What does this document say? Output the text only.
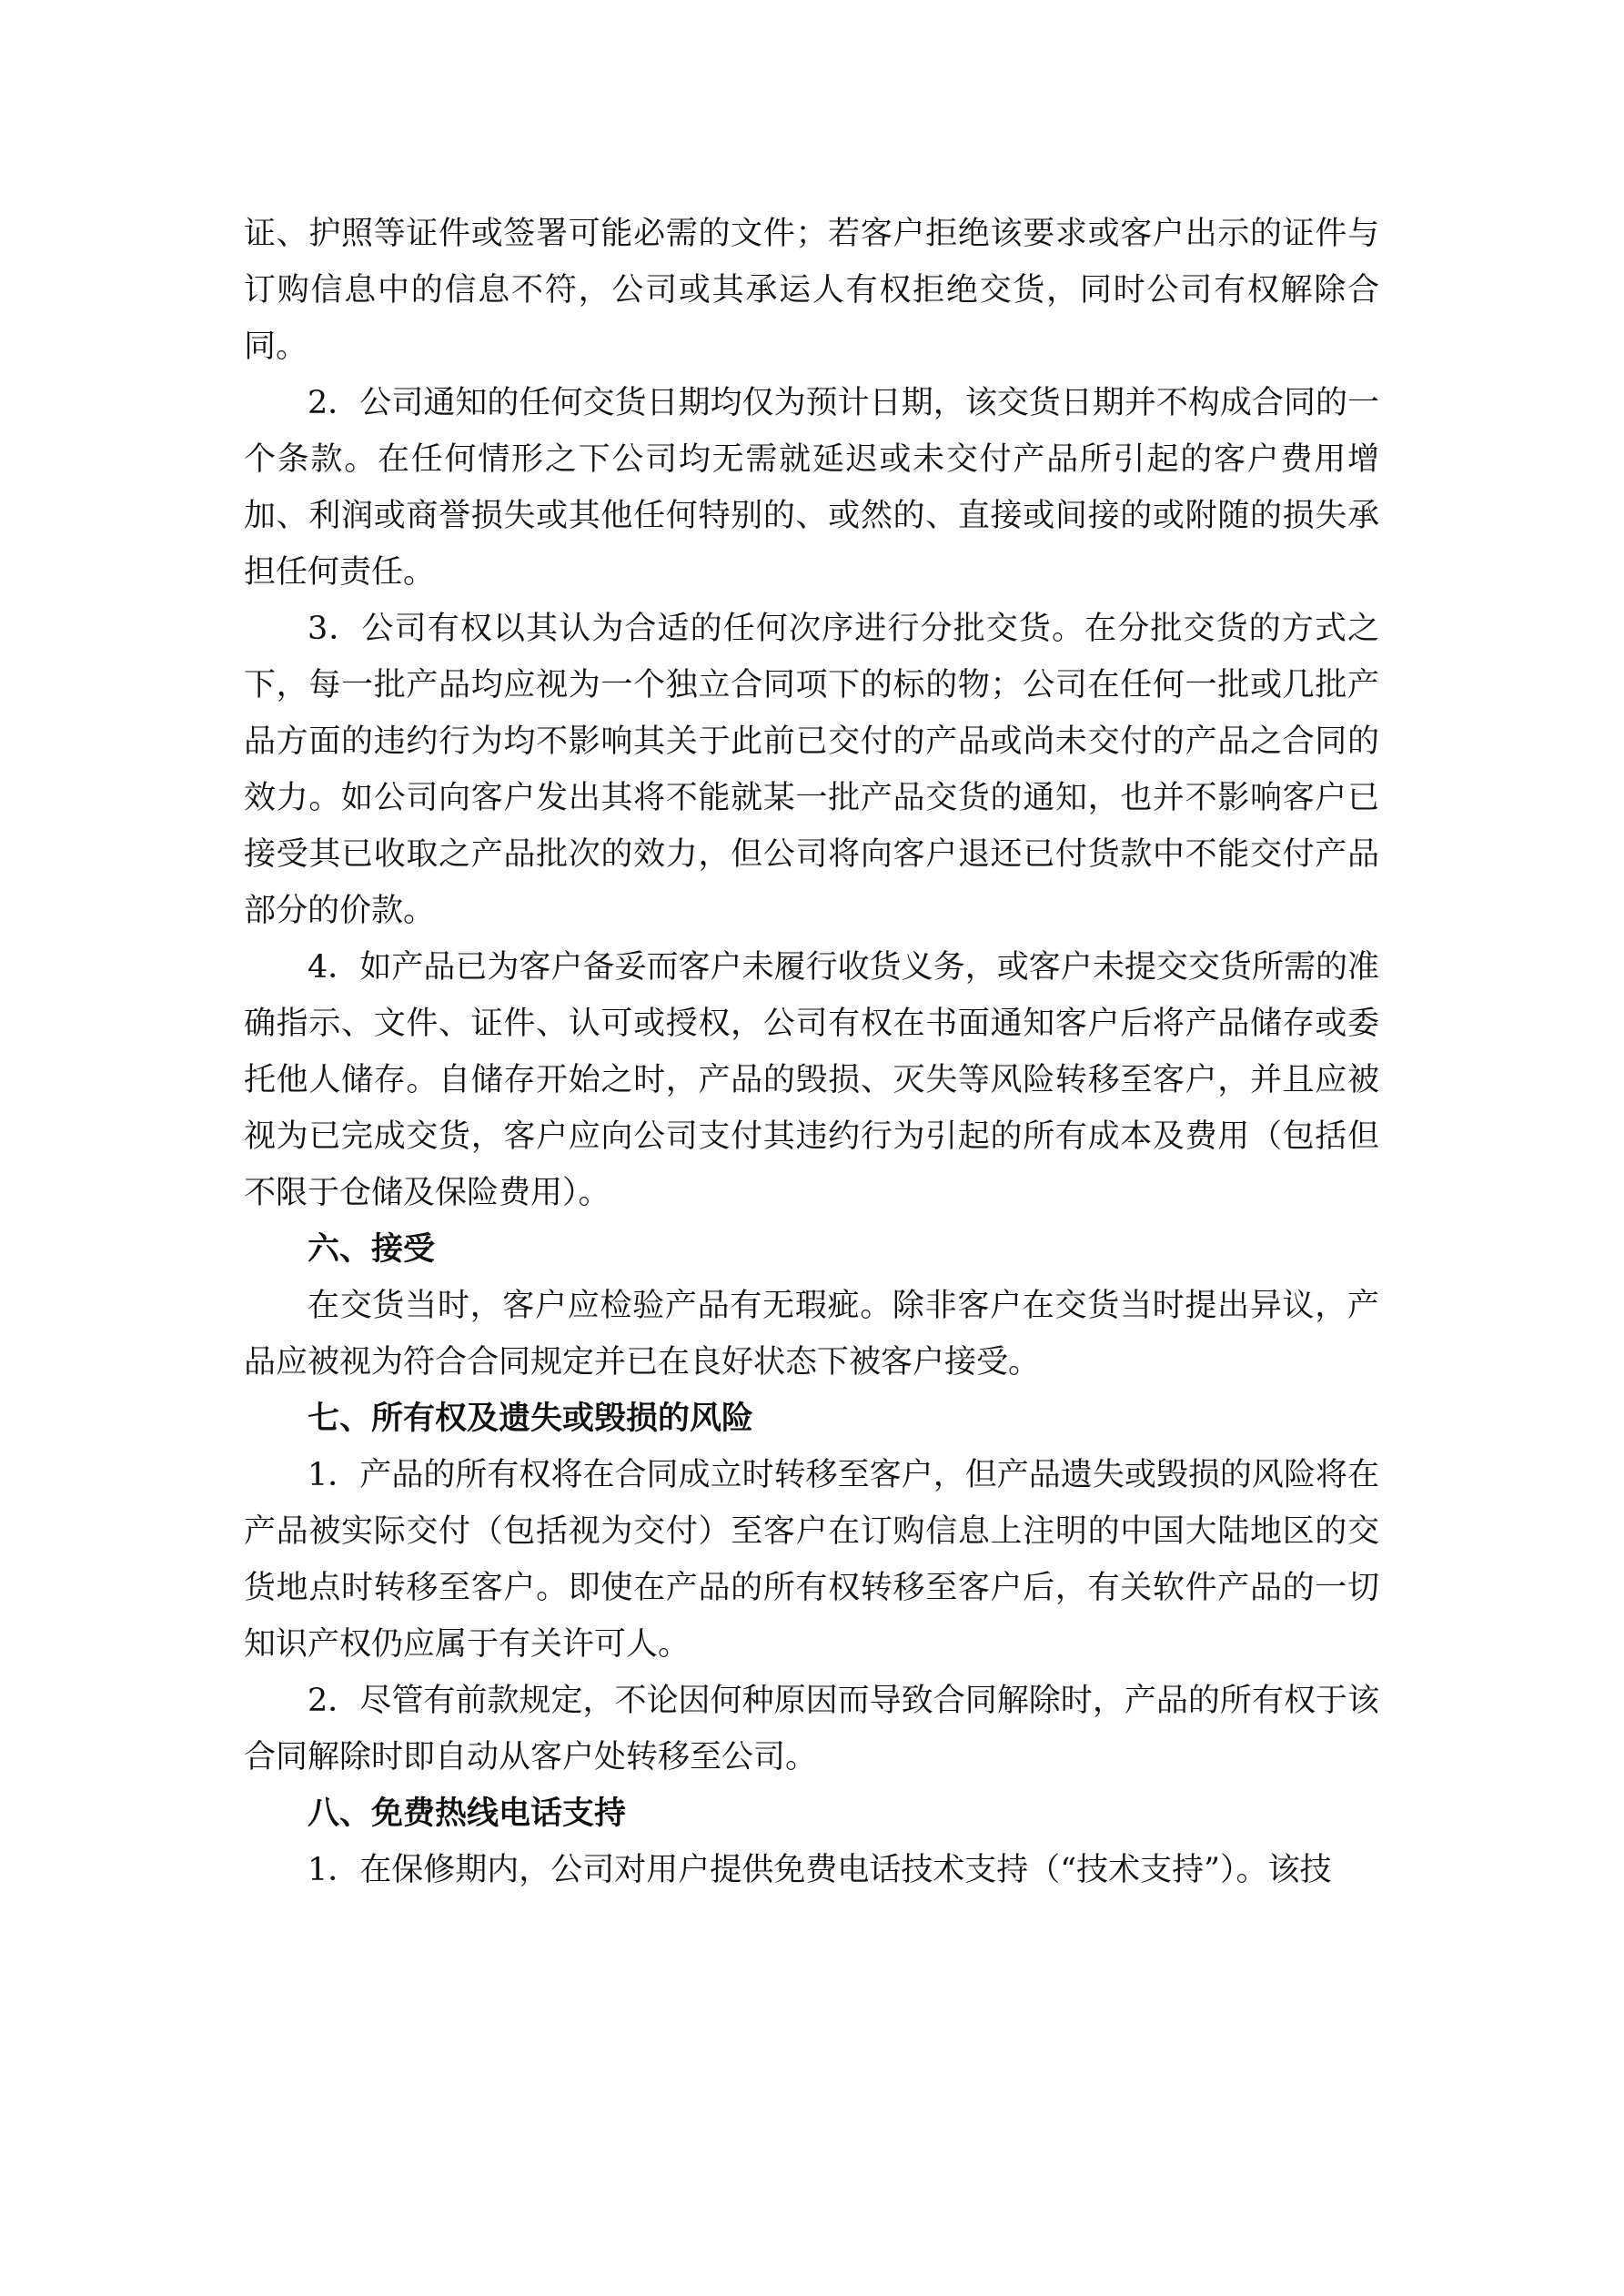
证、护照等证件或签署可能必需的文件；若客户拒绝该要求或客户出示的证件与订购信息中的信息不符，公司或其承运人有权拒绝交货，同时公司有权解除合同。

2．公司通知的任何交货日期均仅为预计日期，该交货日期并不构成合同的一个条款。在任何情形之下公司均无需就延迟或未交付产品所引起的客户费用增加、利润或商誉损失或其他任何特别的、或然的、直接或间接的或附随的损失承担任何责任。

3．公司有权以其认为合适的任何次序进行分批交货。在分批交货的方式之下，每一批产品均应视为一个独立合同项下的标的物；公司在任何一批或几批产品方面的违约行为均不影响其关于此前已交付的产品或尚未交付的产品之合同的效力。如公司向客户发出其将不能就某一批产品交货的通知，也并不影响客户已接受其已收取之产品批次的效力，但公司将向客户退还已付货款中不能交付产品部分的价款。

4．如产品已为客户备妥而客户未履行收货义务，或客户未提交交货所需的准确指示、文件、证件、认可或授权，公司有权在书面通知客户后将产品储存或委托他人储存。自储存开始之时，产品的毁损、灭失等风险转移至客户，并且应被视为已完成交货，客户应向公司支付其违约行为引起的所有成本及费用（包括但不限于仓储及保险费用）。

六、接受

在交货当时，客户应检验产品有无瑕疵。除非客户在交货当时提出异议，产品应被视为符合合同规定并已在良好状态下被客户接受。

七、所有权及遗失或毁损的风险

1．产品的所有权将在合同成立时转移至客户，但产品遗失或毁损的风险将在产品被实际交付（包括视为交付）至客户在订购信息上注明的中国大陆地区的交货地点时转移至客户。即使在产品的所有权转移至客户后，有关软件产品的一切知识产权仍应属于有关许可人。

2．尽管有前款规定，不论因何种原因而导致合同解除时，产品的所有权于该合同解除时即自动从客户处转移至公司。

八、免费热线电话支持

1．在保修期内，公司对用户提供免费电话技术支持（“技术支持”）。该技
